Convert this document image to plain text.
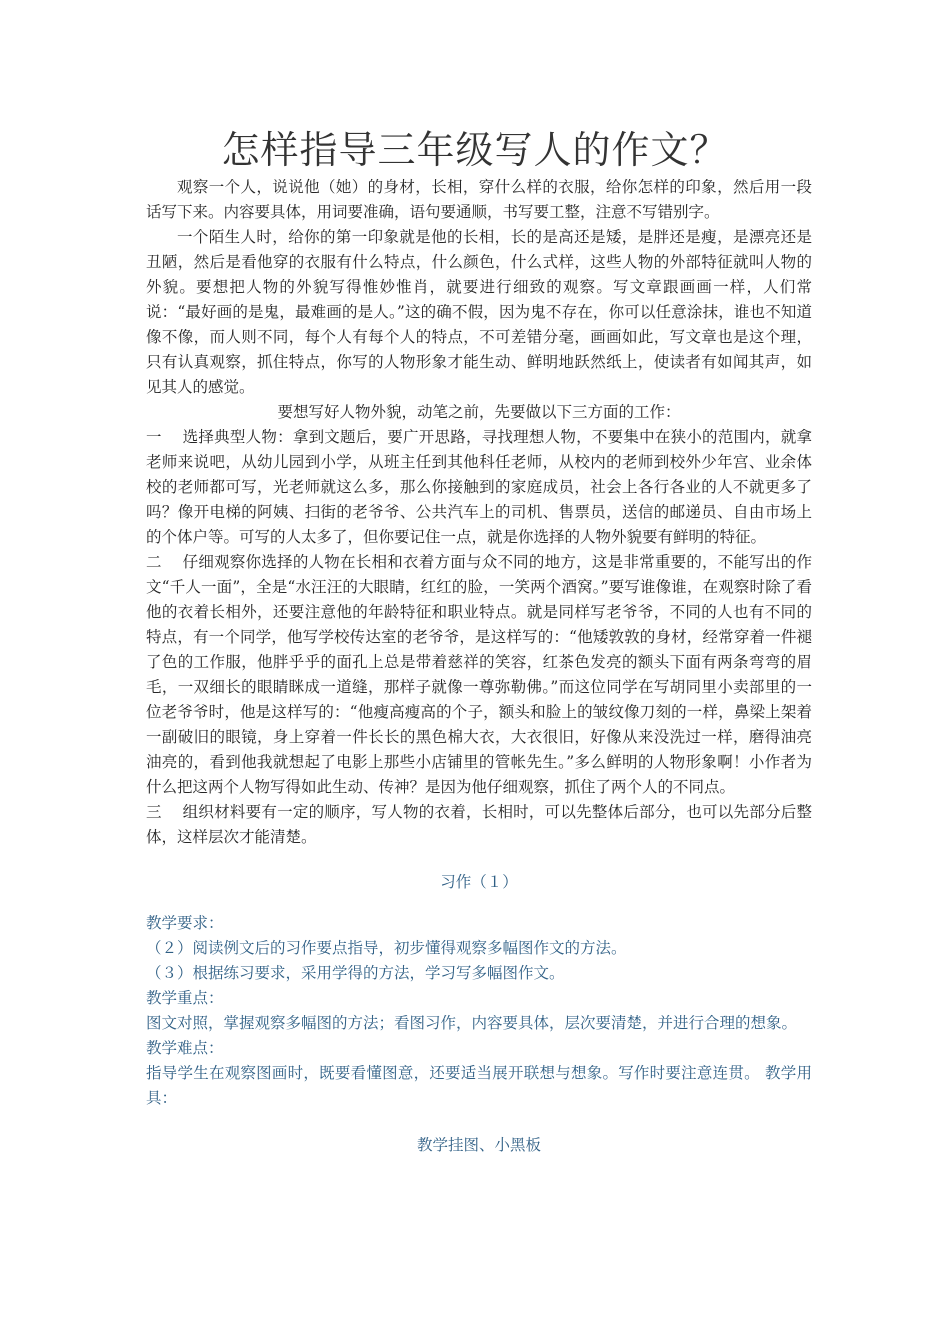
怎样指导三年级写人的作文？

观察一个人，说说他（她）的身材，长相，穿什么样的衣服，给你怎样的印象，然后用一段话写下来。内容要具体，用词要准确，语句要通顺，书写要工整，注意不写错别字。

一个陌生人时，给你的第一印象就是他的长相，长的是高还是矮，是胖还是瘦，是漂亮还是丑陋，然后是看他穿的衣服有什么特点，什么颜色，什么式样，这些人物的外部特征就叫人物的外貌。要想把人物的外貌写得惟妙惟肖，就要进行细致的观察。写文章跟画画一样，人们常说：“最好画的是鬼，最难画的是人。”这的确不假，因为鬼不存在，你可以任意涂抹，谁也不知道像不像，而人则不同，每个人有每个人的特点，不可差错分毫，画画如此，写文章也是这个理，只有认真观察，抓住特点，你写的人物形象才能生动、鲜明地跃然纸上，使读者有如闻其声，如见其人的感觉。

要想写好人物外貌，动笔之前，先要做以下三方面的工作：

一　 选择典型人物：拿到文题后，要广开思路，寻找理想人物，不要集中在狭小的范围内，就拿老师来说吧，从幼儿园到小学，从班主任到其他科任老师，从校内的老师到校外少年宫、业余体校的老师都可写，光老师就这么多，那么你接触到的家庭成员，社会上各行各业的人不就更多了吗？像开电梯的阿姨、扫街的老爷爷、公共汽车上的司机、售票员，送信的邮递员、自由市场上的个体户等。可写的人太多了，但你要记住一点，就是你选择的人物外貌要有鲜明的特征。

二　 仔细观察你选择的人物在长相和衣着方面与众不同的地方，这是非常重要的，不能写出的作文“千人一面”，全是“水汪汪的大眼睛，红红的脸，一笑两个酒窝。”要写谁像谁，在观察时除了看他的衣着长相外，还要注意他的年龄特征和职业特点。就是同样写老爷爷，不同的人也有不同的特点，有一个同学，他写学校传达室的老爷爷，是这样写的：“他矮敦敦的身材，经常穿着一件褪了色的工作服，他胖乎乎的面孔上总是带着慈祥的笑容，红茶色发亮的额头下面有两条弯弯的眉毛，一双细长的眼睛眯成一道缝，那样子就像一尊弥勒佛。”而这位同学在写胡同里小卖部里的一位老爷爷时，他是这样写的：“他瘦高瘦高的个子，额头和脸上的皱纹像刀刻的一样，鼻梁上架着一副破旧的眼镜，身上穿着一件长长的黑色棉大衣，大衣很旧，好像从来没洗过一样，磨得油亮油亮的，看到他我就想起了电影上那些小店铺里的管帐先生。”多么鲜明的人物形象啊！小作者为什么把这两个人物写得如此生动、传神？是因为他仔细观察，抓住了两个人的不同点。

三　 组织材料要有一定的顺序，写人物的衣着，长相时，可以先整体后部分，也可以先部分后整体，这样层次才能清楚。

习作（１）

教学要求：

（２）阅读例文后的习作要点指导，初步懂得观察多幅图作文的方法。

（３）根据练习要求，采用学得的方法，学习写多幅图作文。

教学重点：

图文对照，掌握观察多幅图的方法；看图习作，内容要具体，层次要清楚，并进行合理的想象。

教学难点：

指导学生在观察图画时，既要看懂图意，还要适当展开联想与想象。写作时要注意连贯。 教学用具：

教学挂图、小黑板
